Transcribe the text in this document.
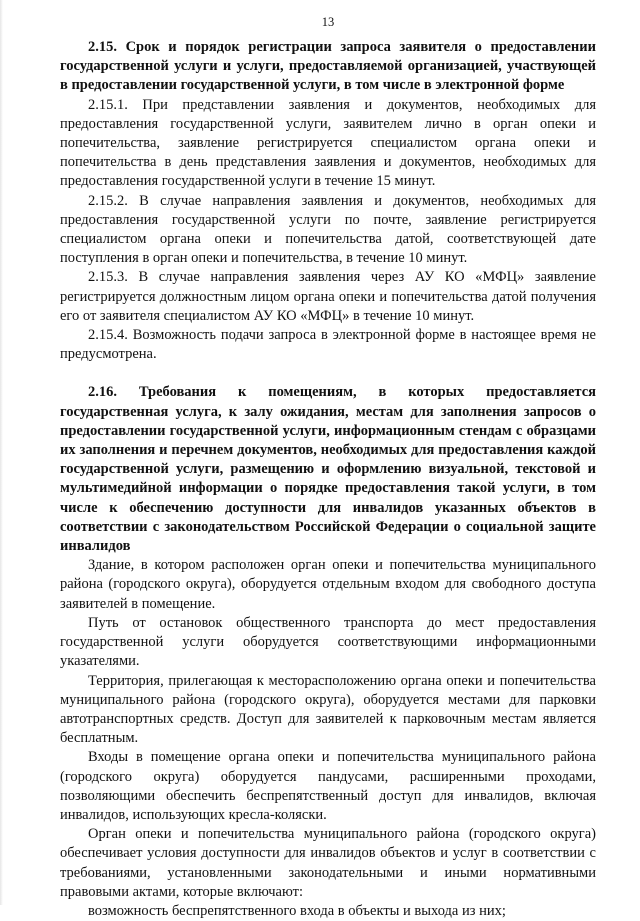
13

2.15. Срок и порядок регистрации запроса заявителя о предоставлении государственной услуги и услуги, предоставляемой организацией, участвующей в предоставлении государственной услуги, в том числе в электронной форме

2.15.1. При представлении заявления и документов, необходимых для предоставления государственной услуги, заявителем лично в орган опеки и попечительства, заявление регистрируется специалистом органа опеки и попечительства в день представления заявления и документов, необходимых для предоставления государственной услуги в течение 15 минут.

2.15.2. В случае направления заявления и документов, необходимых для предоставления государственной услуги по почте, заявление регистрируется специалистом органа опеки и попечительства датой, соответствующей дате поступления в орган опеки и попечительства, в течение 10 минут.

2.15.3. В случае направления заявления через АУ КО «МФЦ» заявление регистрируется должностным лицом органа опеки и попечительства датой получения его от заявителя специалистом АУ КО «МФЦ» в течение 10 минут.

2.15.4. Возможность подачи запроса в электронной форме в настоящее время не предусмотрена.

2.16. Требования к помещениям, в которых предоставляется государственная услуга, к залу ожидания, местам для заполнения запросов о предоставлении государственной услуги, информационным стендам с образцами их заполнения и перечнем документов, необходимых для предоставления каждой государственной услуги, размещению и оформлению визуальной, текстовой и мультимедийной информации о порядке предоставления такой услуги, в том числе к обеспечению доступности для инвалидов указанных объектов в соответствии с законодательством Российской Федерации о социальной защите инвалидов

Здание, в котором расположен орган опеки и попечительства муниципального района (городского округа), оборудуется отдельным входом для свободного доступа заявителей в помещение.

Путь от остановок общественного транспорта до мест предоставления государственной услуги оборудуется соответствующими информационными указателями.

Территория, прилегающая к месторасположению органа опеки и попечительства муниципального района (городского округа), оборудуется местами для парковки автотранспортных средств. Доступ для заявителей к парковочным местам является бесплатным.

Входы в помещение органа опеки и попечительства муниципального района (городского округа) оборудуется пандусами, расширенными проходами, позволяющими обеспечить беспрепятственный доступ для инвалидов, включая инвалидов, использующих кресла-коляски.

Орган опеки и попечительства муниципального района (городского округа) обеспечивает условия доступности для инвалидов объектов и услуг в соответствии с требованиями, установленными законодательными и иными нормативными правовыми актами, которые включают:

возможность беспрепятственного входа в объекты и выхода из них;
